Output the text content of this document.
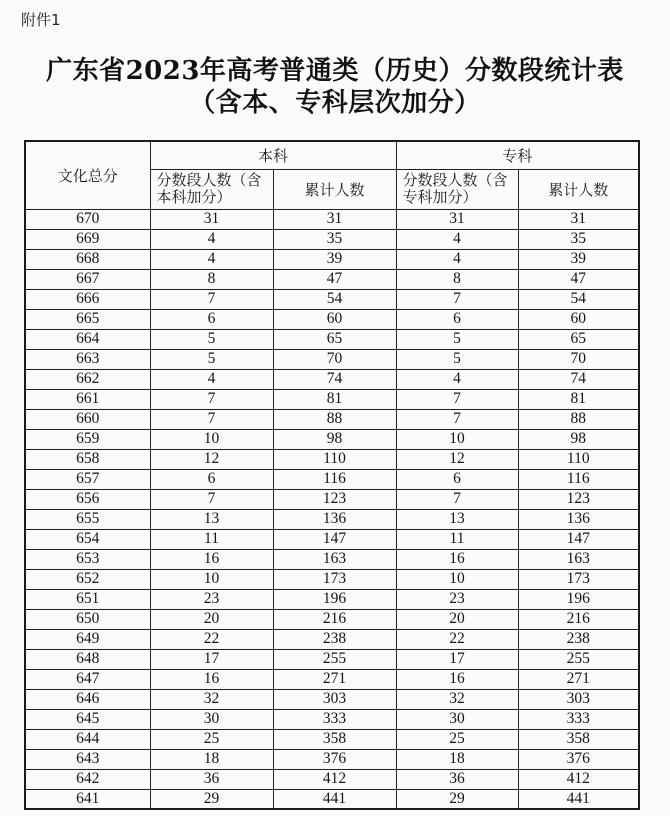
附件1
广东省2023年高考普通类（历史）分数段统计表
（含本、专科层次加分）
文化总分	本科		专科	

	分数段人数（含
本科加分）	累计人数	分数段人数（含
专科加分）	累计人数
670	31	31	31	31
669	4	35	4	35
668	4	39	4	39
667	8	47	8	47
666	7	54	7	54
665	6	60	6	60
664	5	65	5	65
663	5	70	5	70
662	4	74	4	74
661	7	81	7	81
660	7	88	7	88
659	10	98	10	98
658	12	110	12	110
657	6	116	6	116
656	7	123	7	123
655	13	136	13	136
654	11	147	11	147
653	16	163	16	163
652	10	173	10	173
651	23	196	23	196
650	20	216	20	216
649	22	238	22	238
648	17	255	17	255
647	16	271	16	271
646	32	303	32	303
645	30	333	30	333
644	25	358	25	358
643	18	376	18	376
642	36	412	36	412
641	29	441	29	441
